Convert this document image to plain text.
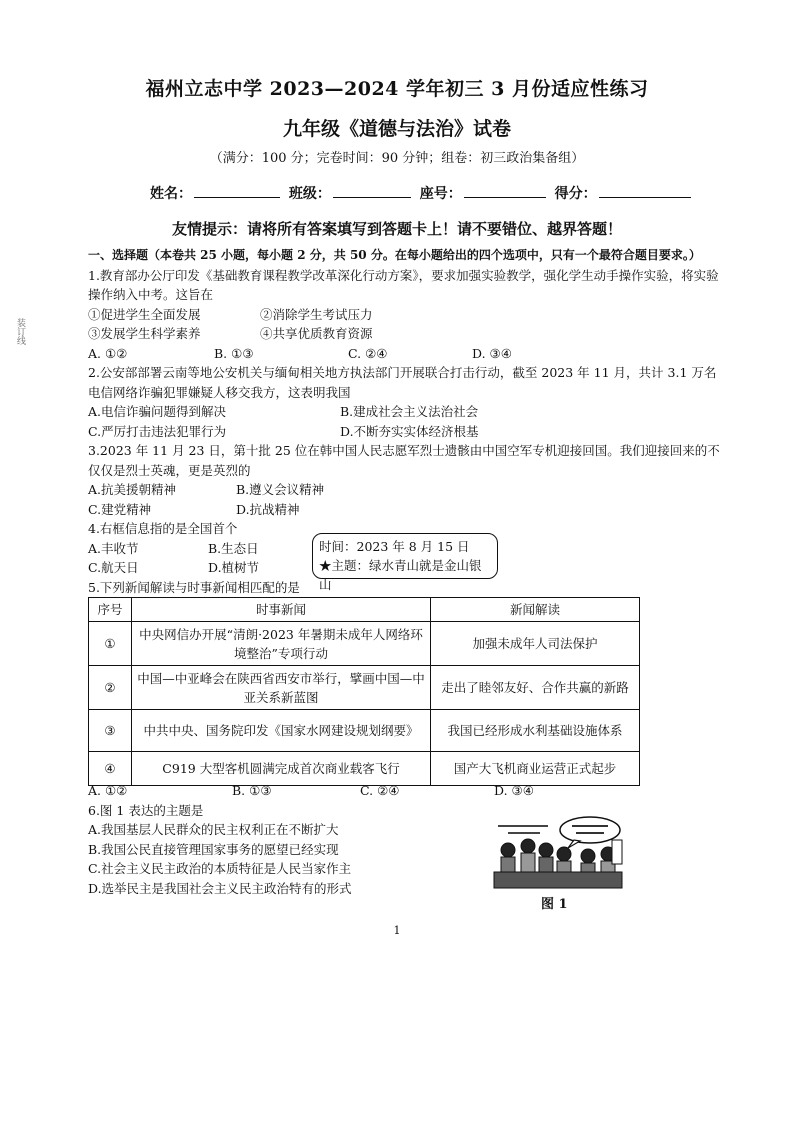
福州立志中学 2023—2024 学年初三 3 月份适应性练习
九年级《道德与法治》试卷
（满分：100 分；完卷时间：90 分钟；组卷：初三政治集备组）
姓名：	班级：	座号：	得分：
友情提示：请将所有答案填写到答题卡上！请不要错位、越界答题！
装订线

一、选择题（本卷共 25 小题，每小题 2 分，共 50 分。在每小题给出的四个选项中，只有一个最符合题目要求。）

1.教育部办公厅印发《基础教育课程教学改革深化行动方案》，要求加强实验教学，强化学生动手操作实验，将实验

操作纳入中考。这旨在

①促进学生全面发展	②消除学生考试压力
③发展学生科学素养	④共享优质教育资源
A. ①②	B. ①③	C. ②④	D. ③④

2.公安部部署云南等地公安机关与缅甸相关地方执法部门开展联合打击行动，截至 2023 年 11 月，共计 3.1 万名

电信网络诈骗犯罪嫌疑人移交我方，这表明我国

A.电信诈骗问题得到解决	B.建成社会主义法治社会
C.严厉打击违法犯罪行为	D.不断夯实实体经济根基

3.2023 年 11 月 23 日，第十批 25 位在韩中国人民志愿军烈士遗骸由中国空军专机迎接回国。我们迎接回来的不

仅仅是烈士英魂，更是英烈的

A.抗美援朝精神	B.遵义会议精神
C.建党精神	D.抗战精神

4.右框信息指的是全国首个

A.丰收节	B.生态日
C.航天日	D.植树节

5.下列新闻解读与时事新闻相匹配的是

时间：2023 年 8 月 15 日
★主题：绿水青山就是金山银山
序号	时事新闻	新闻解读
①	中央网信办开展“清朗·2023 年暑期未成年人网络环境整治”专项行动	加强未成年人司法保护
②	中国—中亚峰会在陕西省西安市举行，擘画中国—中亚关系新蓝图	走出了睦邻友好、合作共赢的新路
③	中共中央、国务院印发《国家水网建设规划纲要》	我国已经形成水利基础设施体系
④	C919 大型客机圆满完成首次商业载客飞行	国产大飞机商业运营正式起步
A. ①②	B. ①③	C. ②④	D. ③④

6.图 1 表达的主题是

A.我国基层人民群众的民主权利正在不断扩大

B.我国公民直接管理国家事务的愿望已经实现

C.社会主义民主政治的本质特征是人民当家作主

D.选举民主是我国社会主义民主政治特有的形式

图 1
1
